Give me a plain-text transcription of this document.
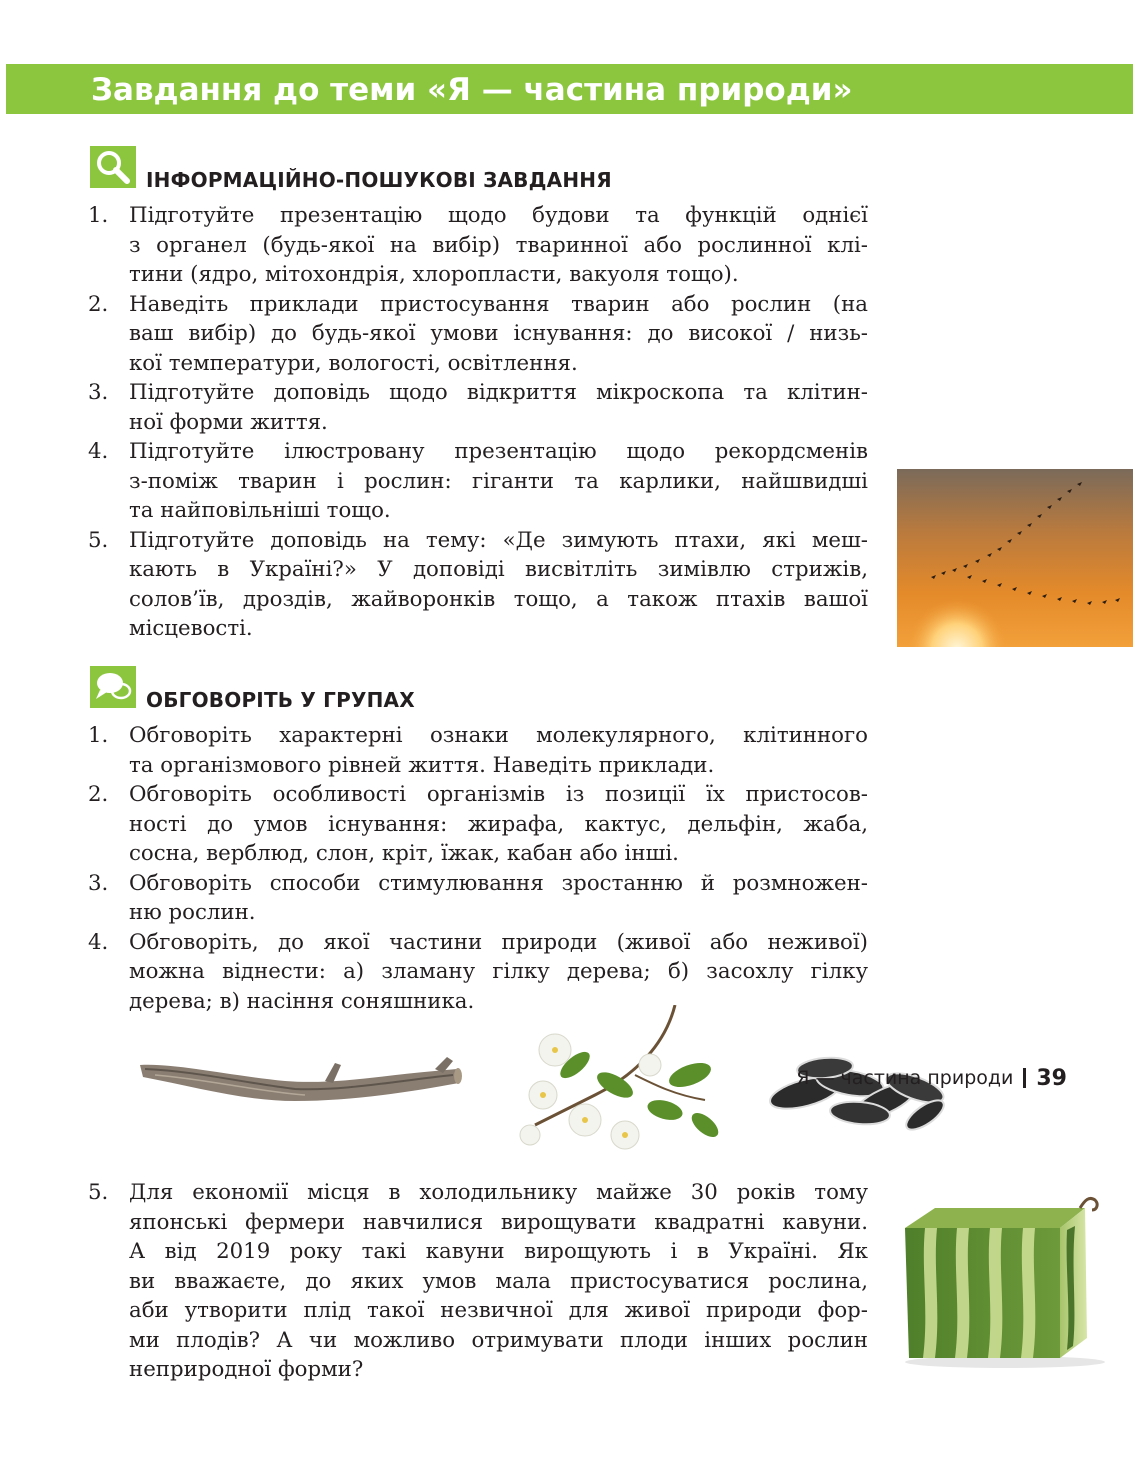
Завдання до теми «Я — частина природи»
ІНФОРМАЦІЙНО-ПОШУКОВІ ЗАВДАННЯ
1. Підготуйте презентацію щодо будови та функцій однієї
з органел (будь-якої на вибір) тваринної або рослинної клі-
тини (ядро, мітохондрія, хлоропласти, вакуоля тощо).
2. Наведіть приклади пристосування тварин або рослин (на
ваш вибір) до будь-якої умови існування: до високої / низь-
кої температури, вологості, освітлення.
3. Підготуйте доповідь щодо відкриття мікроскопа та клітин-
ної форми життя.
4. Підготуйте ілюстровану презентацію щодо рекордсменів
з-поміж тварин і рослин: гіганти та карлики, найшвидші
та найповільніші тощо.
5. Підготуйте доповідь на тему: «Де зимують птахи, які меш-
кають в Україні?» У доповіді висвітліть зимівлю стрижів,
солов’їв, дроздів, жайворонків тощо, а також птахів вашої
місцевості.
ОБГОВОРІТЬ У ГРУПАХ
1. Обговоріть характерні ознаки молекулярного, клітинного
та організмового рівней життя. Наведіть приклади.
2. Обговоріть особливості організмів із позиції їх пристосов-
ності до умов існування: жирафа, кактус, дельфін, жаба,
сосна, верблюд, слон, кріт, їжак, кабан або інші.
3. Обговоріть способи стимулювання зростанню й розмножен-
ню рослин.
4. Обговоріть, до якої частини природи (живої або неживої)
можна віднести: а) зламану гілку дерева; б) засохлу гілку
дерева; в) насіння соняшника.
5. Для економії місця в холодильнику майже 30 років тому
японські фермери навчилися вирощувати квадратні кавуни.
А від 2019 року такі кавуни вирощують і в Україні. Як
ви вважаєте, до яких умов мала пристосуватися рослина,
аби утворити плід такої незвичної для живої природи фор-
ми плодів? А чи можливо отримувати плоди інших рослин
неприродної форми?
Я — частина природи 39
